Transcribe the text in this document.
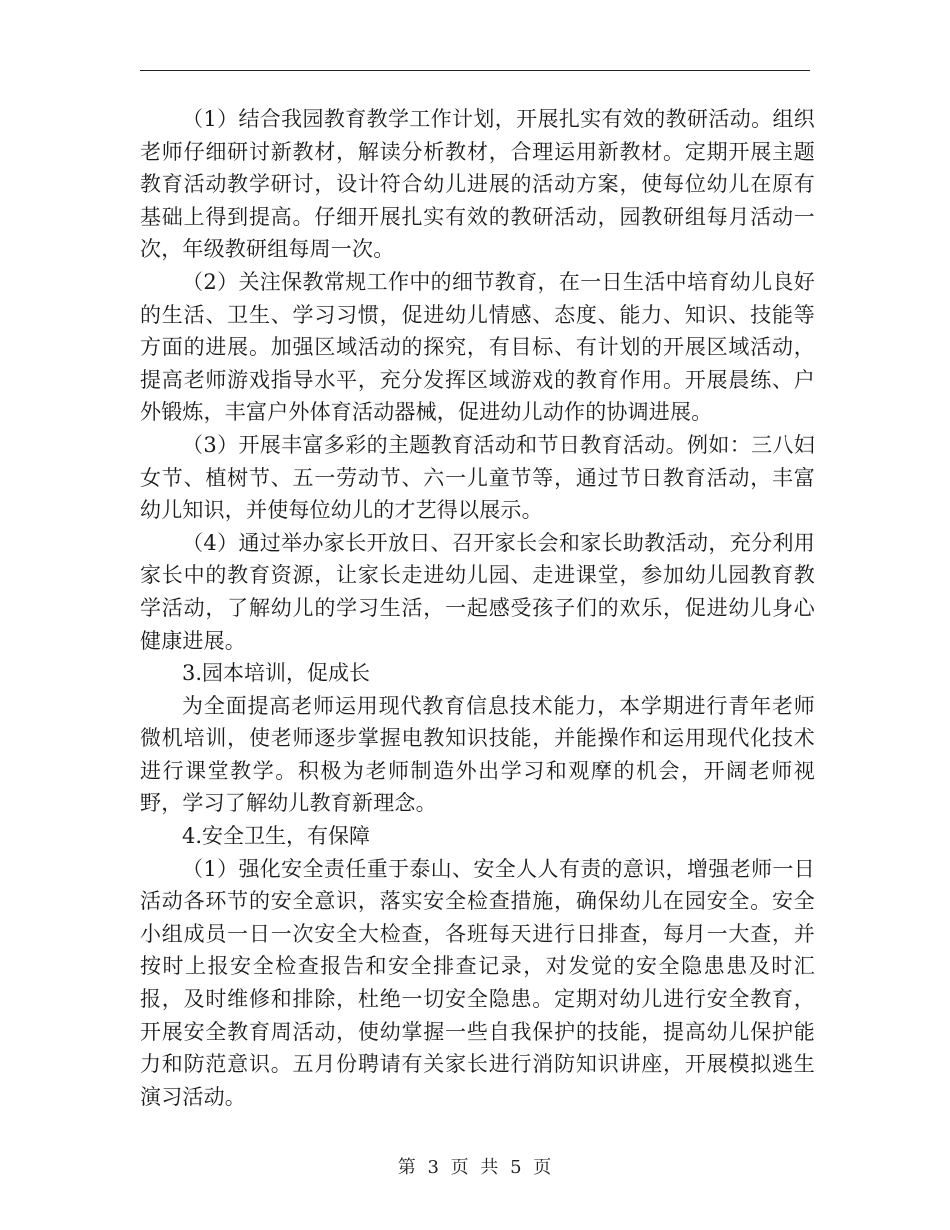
（1）结合我园教育教学工作计划，开展扎实有效的教研活动。组织老师仔细研讨新教材，解读分析教材，合理运用新教材。定期开展主题教育活动教学研讨，设计符合幼儿进展的活动方案，使每位幼儿在原有基础上得到提高。仔细开展扎实有效的教研活动，园教研组每月活动一次，年级教研组每周一次。

（2）关注保教常规工作中的细节教育，在一日生活中培育幼儿良好的生活、卫生、学习习惯，促进幼儿情感、态度、能力、知识、技能等方面的进展。加强区域活动的探究，有目标、有计划的开展区域活动，提高老师游戏指导水平，充分发挥区域游戏的教育作用。开展晨练、户外锻炼，丰富户外体育活动器械，促进幼儿动作的协调进展。

（3）开展丰富多彩的主题教育活动和节日教育活动。例如：三八妇女节、植树节、五一劳动节、六一儿童节等，通过节日教育活动，丰富幼儿知识，并使每位幼儿的才艺得以展示。

（4）通过举办家长开放日、召开家长会和家长助教活动，充分利用家长中的教育资源，让家长走进幼儿园、走进课堂，参加幼儿园教育教学活动，了解幼儿的学习生活，一起感受孩子们的欢乐，促进幼儿身心健康进展。

3.园本培训，促成长

为全面提高老师运用现代教育信息技术能力，本学期进行青年老师微机培训，使老师逐步掌握电教知识技能，并能操作和运用现代化技术进行课堂教学。积极为老师制造外出学习和观摩的机会，开阔老师视野，学习了解幼儿教育新理念。

4.安全卫生，有保障

（1）强化安全责任重于泰山、安全人人有责的意识，增强老师一日活动各环节的安全意识，落实安全检查措施，确保幼儿在园安全。安全小组成员一日一次安全大检查，各班每天进行日排查，每月一大查，并按时上报安全检查报告和安全排查记录，对发觉的安全隐患患及时汇报，及时维修和排除，杜绝一切安全隐患。定期对幼儿进行安全教育，开展安全教育周活动，使幼掌握一些自我保护的技能，提高幼儿保护能力和防范意识。五月份聘请有关家长进行消防知识讲座，开展模拟逃生演习活动。

第 3 页 共 5 页
